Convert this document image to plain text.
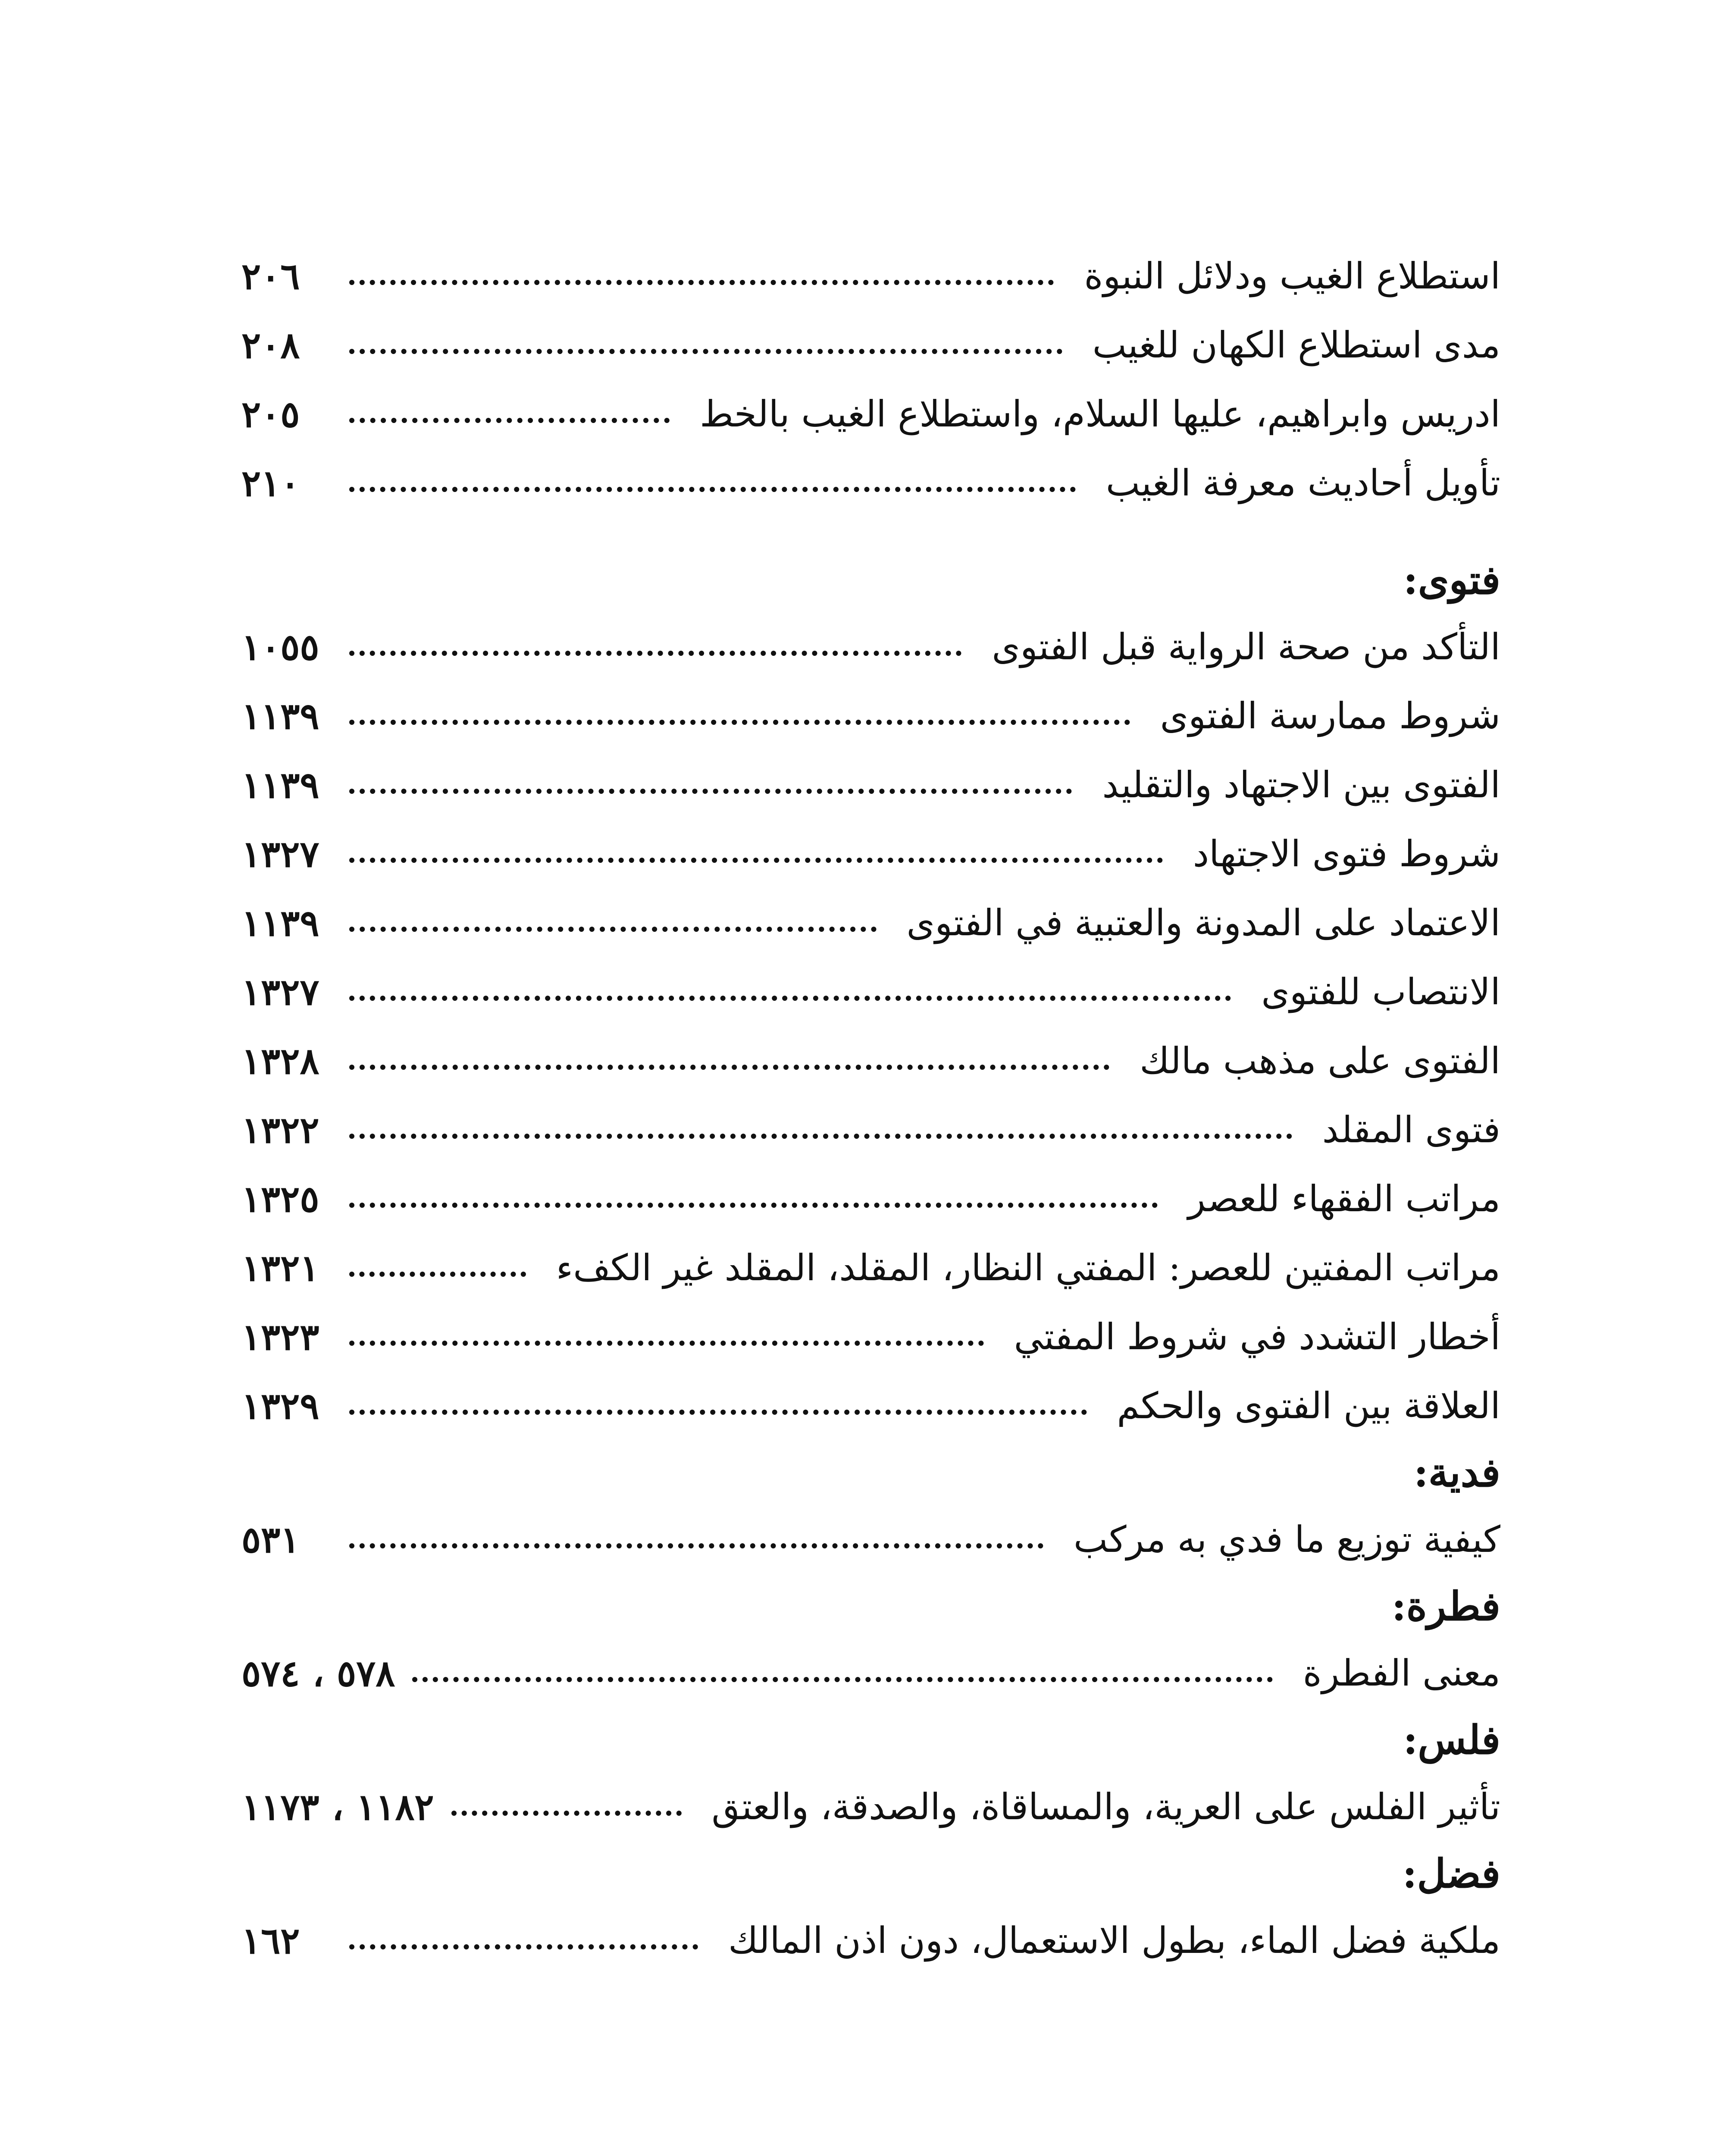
استطلاع الغيب ودلائل النبوة
٢٠٦
مدى استطلاع الكهان للغيب
٢٠٨
ادريس وابراهيم، عليها السلام، واستطلاع الغيب بالخط
٢٠٥
تأويل أحاديث معرفة الغيب
٢١٠
فتوى:
التأكد من صحة الرواية قبل الفتوى
١٠٥٥
شروط ممارسة الفتوى
١١٣٩
الفتوى بين الاجتهاد والتقليد
١١٣٩
شروط فتوى الاجتهاد
١٣٢٧
الاعتماد على المدونة والعتبية في الفتوى
١١٣٩
الانتصاب للفتوى
١٣٢٧
الفتوى على مذهب مالك
١٣٢٨
فتوى المقلد
١٣٢٢
مراتب الفقهاء للعصر
١٣٢٥
مراتب المفتين للعصر: المفتي النظار، المقلد، المقلد غير الكفء
١٣٢١
أخطار التشدد في شروط المفتي
١٣٢٣
العلاقة بين الفتوى والحكم
١٣٢٩
فدية:
كيفية توزيع ما فدي به مركب
٥٣١
فطرة:
معنى الفطرة
٥٧٨ ، ٥٧٤
فلس:
تأثير الفلس على العرية، والمساقاة، والصدقة، والعتق
١١٨٢ ، ١١٧٣
فضل:
ملكية فضل الماء، بطول الاستعمال، دون اذن المالك
١٦٢
